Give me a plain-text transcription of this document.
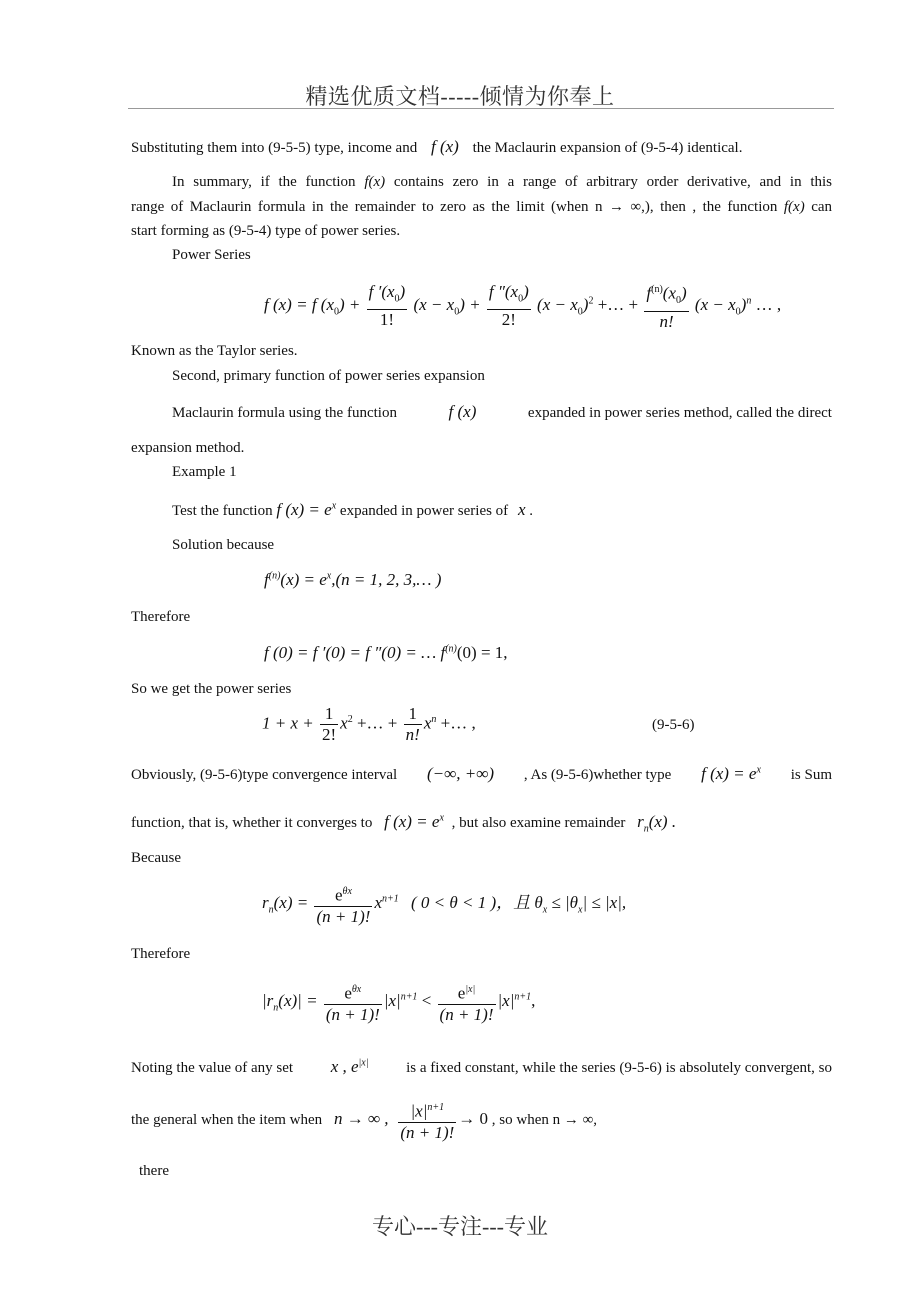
精选优质文档-----倾情为你奉上
Substituting them into (9-5-5) type, income and f (x) the Maclaurin expansion of (9-5-4) identical.
In summary, if the function f(x) contains zero in a range of arbitrary order derivative, and in this
range of Maclaurin formula in the remainder to zero as the limit (when n → ∞,), then , the function f(x) can
start forming as (9-5-4) type of power series.
Power Series
f (x) = f $(x_0) + \frac{f '(x_0)}{1!} (x - x_0) + \frac{f ''(x_0)}{2!} (x - x_0)^2$ +… + $\frac{f^{(n)}(x_0)}{n!} (x - x_0)^n$ … ,
Known as the Taylor series.
Second, primary function of power series expansion
Maclaurin formula using the function	f (x)	expanded in power series method, called the direct
expansion method.
Example 1
Test the function f $(x) = e^x$ expanded in power series of x .
Solution because
$f^{(n)}(x) = e^x,(n = 1$, 2, 3,… )
Therefore
f (0) = f ′(0) = f ″(0) = … $f^{(n)}(0) = 1$,
So we get the power series
$1 + x + \frac{1}{2!} x^2$ +… + $\frac{1}{n!} x^n$ +… ,	(9-5-6)
Obviously, (9-5-6)type convergence interval (−∞, +∞) , As (9-5-6)whether type f $(x) = e^x$ is Sum
function, that is, whether it converges to f $(x) = e^x$ , but also examine remainder $r_n(x)$ .
Because
$r_n(x) = \frac{e^{\theta x}}{(n + 1)!} x^{n+1}$ ( 0 < θ < 1 )，且 $\theta_x \le |\theta_x| \le |x|$,
Therefore
$|r_n(x)| = \frac{e^{\theta x}}{(n + 1)!} |x|^{n+1} < \frac{e^{|x|}}{(n + 1)!} |x|^{n+1}$,
Noting the value of any set x , $e^{|x|}$	is a fixed constant, while the series (9-5-6) is absolutely convergent, so
the general when the item when n → ∞ , $\frac{|x|^{n+1}}{(n + 1)!} \to 0$ , so when n → ∞,
there
专心---专注---专业
